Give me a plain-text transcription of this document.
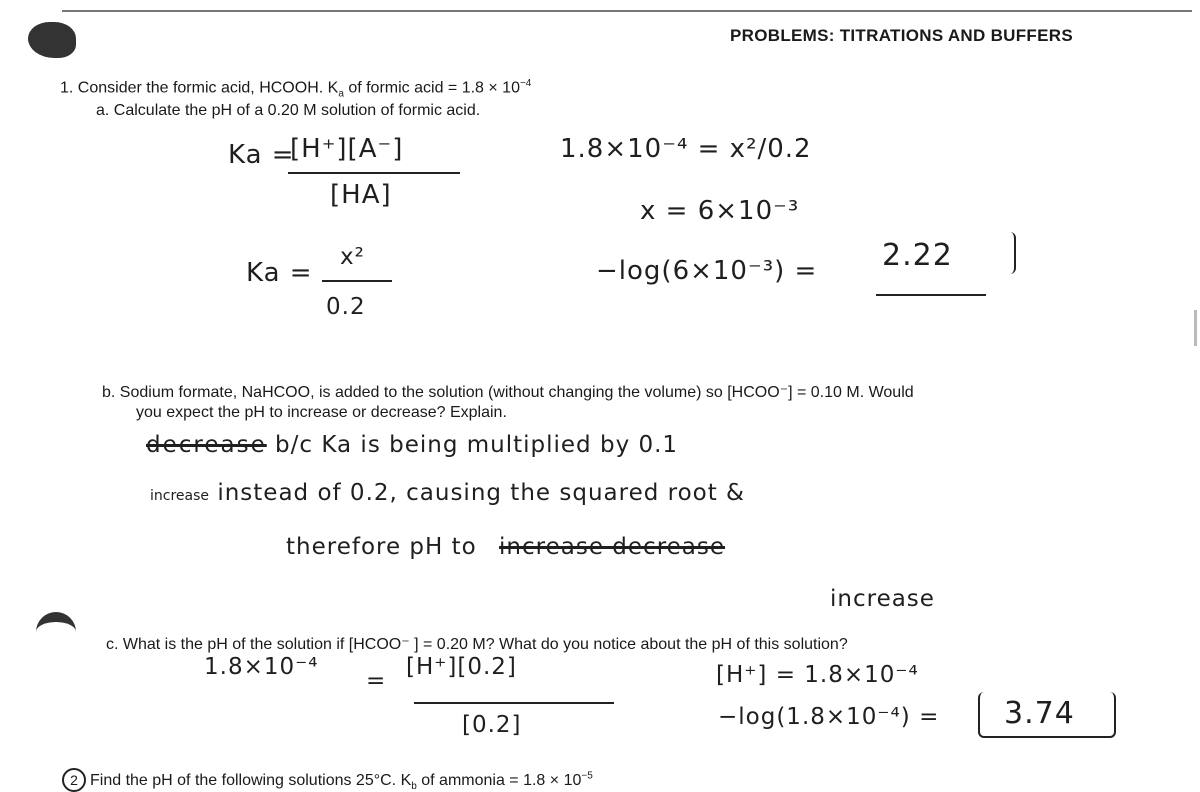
PROBLEMS: TITRATIONS AND BUFFERS
1. Consider the formic acid, HCOOH. $K_a$ of formic acid = $1.8 \times 10^{-4}$
a. Calculate the pH of a 0.20 M solution of formic acid.
Ka =
[H⁺][A⁻]
[HA]
Ka =
x²
0.2
1.8×10⁻⁴ = x²/0.2
x = 6×10⁻³
−log(6×10⁻³) = 2.22
b. Sodium formate, NaHCOO, is added to the solution (without changing the volume) so [HCOO⁻] = 0.10 M. Would
you expect the pH to increase or decrease? Explain.
decrease b/c Ka is being multiplied by 0.1
increase instead of 0.2, causing the squared root &
therefore pH to increase decrease
increase
c. What is the pH of the solution if [HCOO⁻ ] = 0.20 M? What do you notice about the pH of this solution?
1.8×10⁻⁴
=
[H⁺][0.2]
[0.2]
[H⁺] = 1.8×10⁻⁴
−log(1.8×10⁻⁴) = 3.74
2 Find the pH of the following solutions 25°C. $K_b$ of ammonia = $1.8 \times 10^{-5}$
